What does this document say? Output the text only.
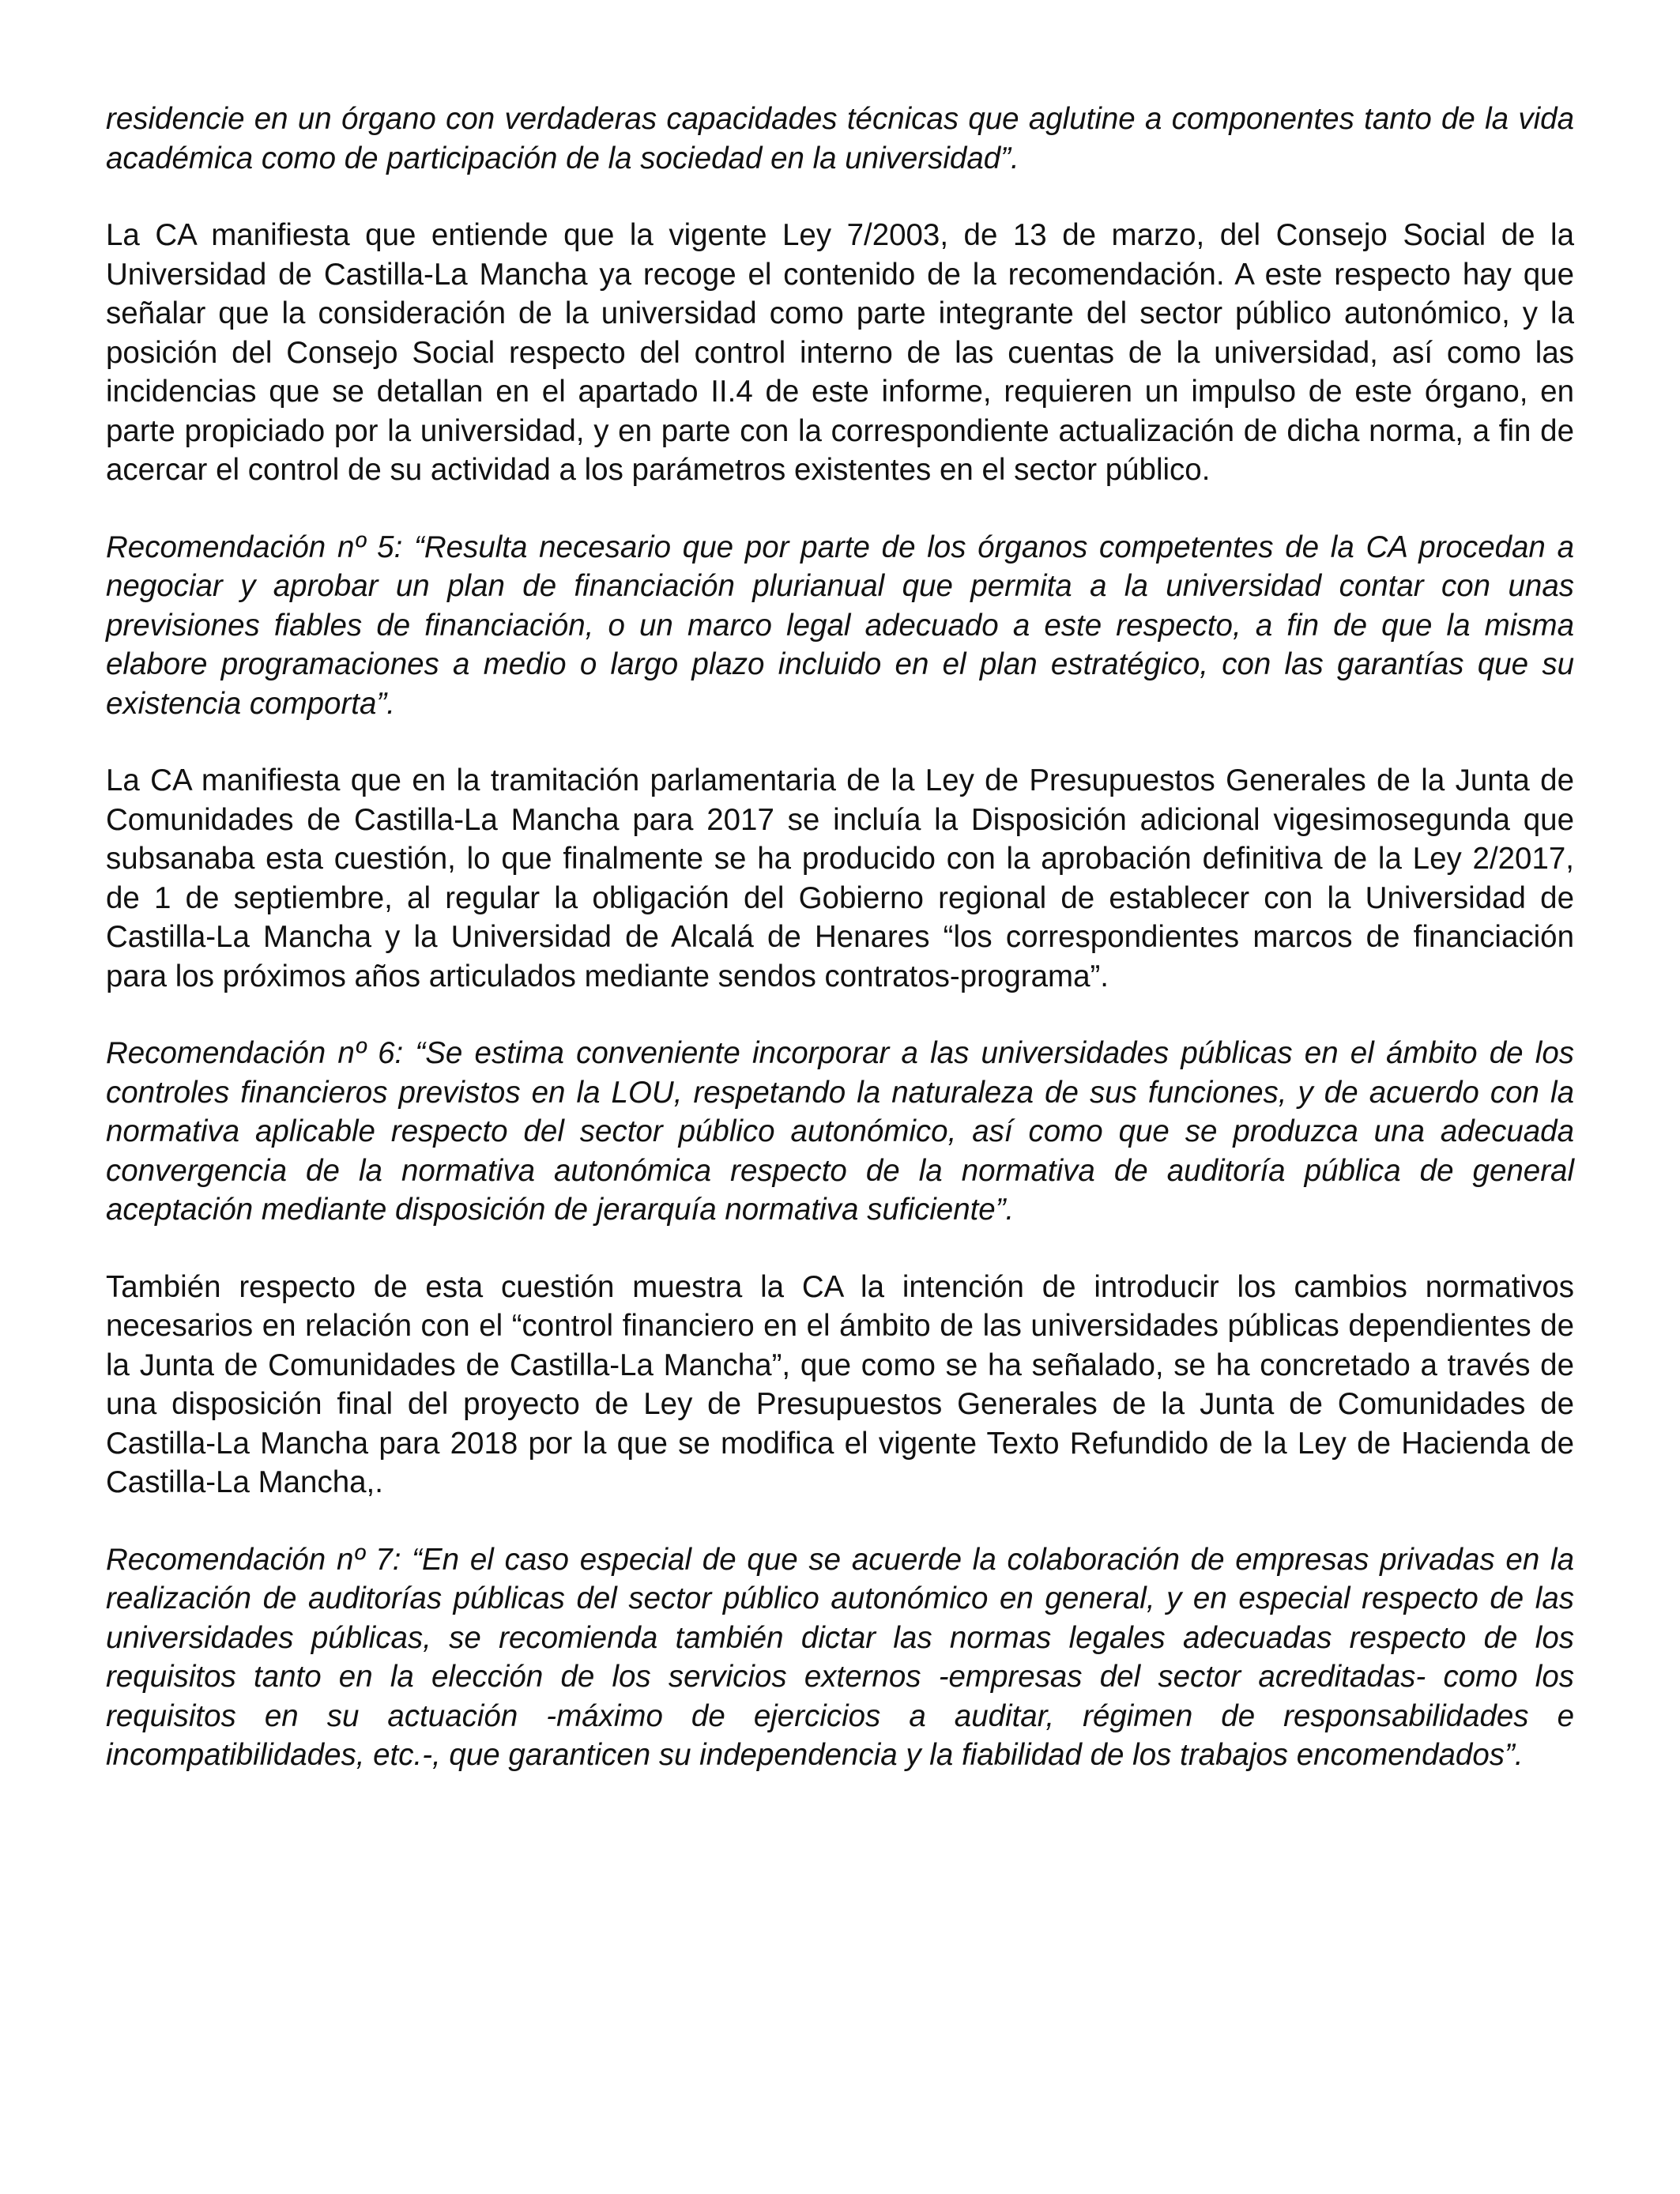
residencie en un órgano con verdaderas capacidades técnicas que aglutine a componentes tanto de la vida académica como de participación de la sociedad en la universidad”.

La CA manifiesta que entiende que la vigente Ley 7/2003, de 13 de marzo, del Consejo Social de la Universidad de Castilla-La Mancha ya recoge el contenido de la recomendación. A este respecto hay que señalar que la consideración de la universidad como parte integrante del sector público autonómico, y la posición del Consejo Social respecto del control interno de las cuentas de la universidad, así como las incidencias que se detallan en el apartado II.4 de este informe, requieren un impulso de este órgano, en parte propiciado por la universidad, y en parte con la correspondiente actualización de dicha norma, a fin de acercar el control de su actividad a los parámetros existentes en el sector público.

Recomendación nº 5: “Resulta necesario que por parte de los órganos competentes de la CA procedan a negociar y aprobar un plan de financiación plurianual que permita a la universidad contar con unas previsiones fiables de financiación, o un marco legal adecuado a este respecto, a fin de que la misma elabore programaciones a medio o largo plazo incluido en el plan estratégico, con las garantías que su existencia comporta”.

La CA manifiesta que en la tramitación parlamentaria de la Ley de Presupuestos Generales de la Junta de Comunidades de Castilla-La Mancha para 2017 se incluía la Disposición adicional vigesimosegunda que subsanaba esta cuestión, lo que finalmente se ha producido con la aprobación definitiva de la Ley 2/2017, de 1 de septiembre, al regular la obligación del Gobierno regional de establecer con la Universidad de Castilla-La Mancha y la Universidad de Alcalá de Henares “los correspondientes marcos de financiación para los próximos años articulados mediante sendos contratos-programa”.

Recomendación nº 6: “Se estima conveniente incorporar a las universidades públicas en el ámbito de los controles financieros previstos en la LOU, respetando la naturaleza de sus funciones, y de acuerdo con la normativa aplicable respecto del sector público autonómico, así como que se produzca una adecuada convergencia de la normativa autonómica respecto de la normativa de auditoría pública de general aceptación mediante disposición de jerarquía normativa suficiente”.

También respecto de esta cuestión muestra la CA la intención de introducir los cambios normativos necesarios en relación con el “control financiero en el ámbito de las universidades públicas dependientes de la Junta de Comunidades de Castilla-La Mancha”, que como se ha señalado, se ha concretado a través de una disposición final del proyecto de Ley de Presupuestos Generales de la Junta de Comunidades de Castilla-La Mancha para 2018 por la que se modifica el vigente Texto Refundido de la Ley de Hacienda de Castilla-La Mancha,.

Recomendación nº 7: “En el caso especial de que se acuerde la colaboración de empresas privadas en la realización de auditorías públicas del sector público autonómico en general, y en especial respecto de las universidades públicas, se recomienda también dictar las normas legales adecuadas respecto de los requisitos tanto en la elección de los servicios externos -empresas del sector acreditadas- como los requisitos en su actuación -máximo de ejercicios a auditar, régimen de responsabilidades e incompatibilidades, etc.-, que garanticen su independencia y la fiabilidad de los trabajos encomendados”.
